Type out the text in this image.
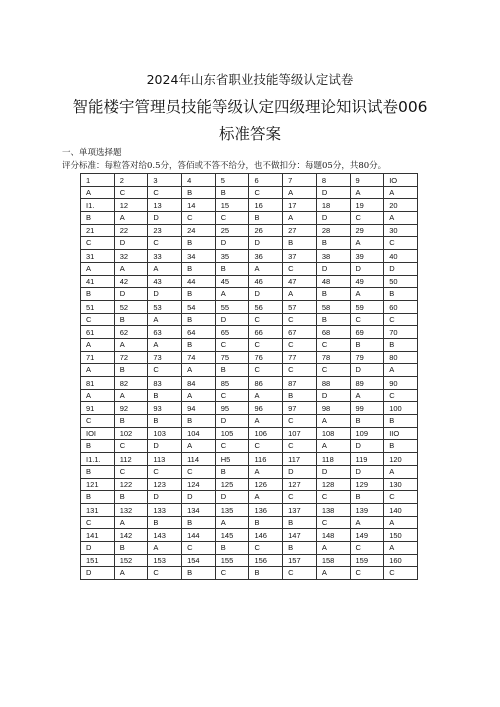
2024年山东省职业技能等级认定试卷
智能楼宇管理员技能等级认定四级理论知识试卷006
标准答案
一、单项选择题
评分标准：每粒答对给0.5分，答佰或不答不给分，也不做扣分：每题05分，共80分。
1	2	3	4	5	6	7	8	9	IO
A	C	C	B	B	C	A	D	A	A
I1.	12	13	14	15	16	17	18	19	20
B	A	D	C	C	B	A	D	C	A
21	22	23	24	25	26	27	28	29	30
C	D	C	B	D	D	B	B	A	C
31	32	33	34	35	36	37	38	39	40
A	A	A	B	B	A	C	D	D	D
41	42	43	44	45	46	47	48	49	50
B	D	D	B	A	D	A	B	A	B
51	52	53	54	55	56	57	58	59	60
C	B	A	B	D	C	C	B	C	C
61	62	63	64	65	66	67	68	69	70
A	A	A	B	C	C	C	C	B	B
71	72	73	74	75	76	77	78	79	80
A	B	C	A	B	C	C	C	D	A
81	82	83	84	85	86	87	88	89	90
A	A	B	A	C	A	B	D	A	C
91	92	93	94	95	96	97	98	99	100
C	B	B	B	D	A	C	A	B	B
IOI	102	103	104	105	106	107	108	109	IIO
B	C	D	A	C	C	C	A	D	B
I1.1.	112	113	114	H5	116	117	118	119	120
B	C	C	C	B	A	D	D	D	A
121	122	123	124	125	126	127	128	129	130
B	B	D	D	D	A	C	C	B	C
131	132	133	134	135	136	137	138	139	140
C	A	B	B	A	B	B	C	A	A
141	142	143	144	145	146	147	148	149	150
D	B	A	C	B	C	B	A	C	A
151	152	153	154	155	156	157	158	159	160
D	A	C	B	C	B	C	A	C	C
